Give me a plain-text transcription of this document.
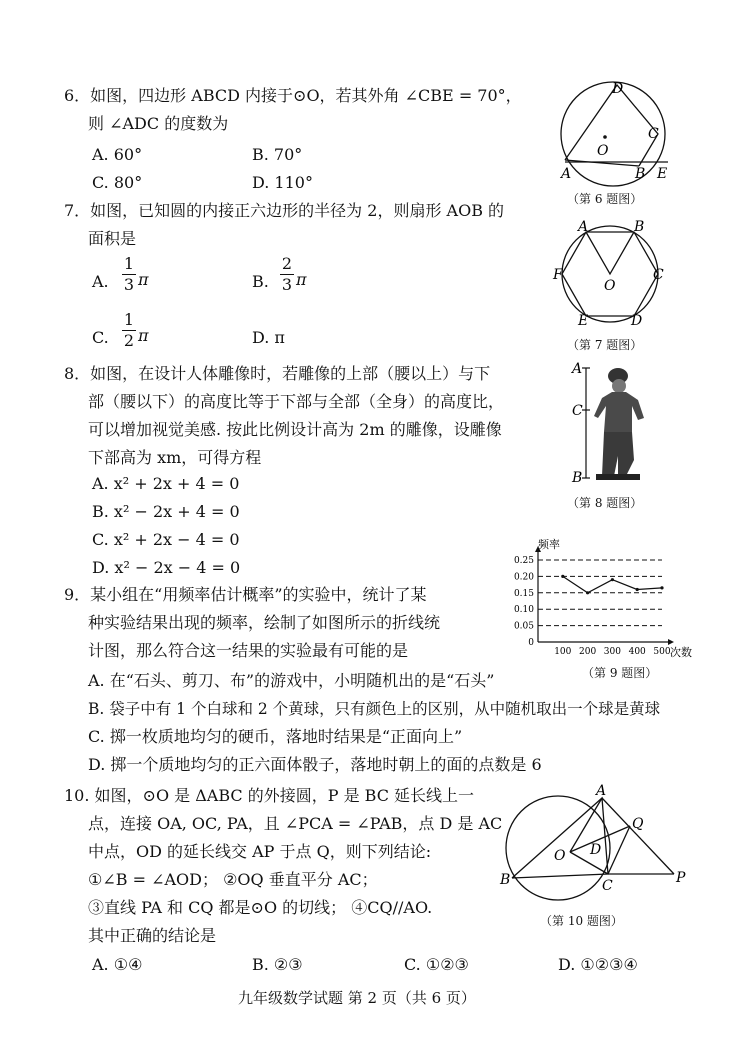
6．如图，四边形 ABCD 内接于⊙O，若其外角 ∠CBE = 70°，
则 ∠ADC 的度数为
A. 60°	B. 70°
C. 80°	D. 110°
D
C
O
A	B E
（第 6 题图）
7．如图，已知圆的内接正六边形的半径为 2，则扇形 AOB 的
面积是
A.
1
3 π	B.
2
3 π
C.
1
2 π	D. π
A	B
C
D
E
F
O
（第 7 题图）
8．如图，在设计人体雕像时，若雕像的上部（腰以上）与下
部（腰以下）的高度比等于下部与全部（全身）的高度比，
可以增加视觉美感. 按此比例设计高为 2m 的雕像，设雕像
下部高为 xm，可得方程
A. x² + 2x + 4 = 0
B. x² − 2x + 4 = 0
C. x² + 2x − 4 = 0
D. x² − 2x − 4 = 0
A
C
B
（第 8 题图）
9．某小组在“用频率估计概率”的实验中，统计了某
种实验结果出现的频率，绘制了如图所示的折线统
计图，那么符合这一结果的实验最有可能的是
A. 在“石头、剪刀、布”的游戏中，小明随机出的是“石头”
B. 袋子中有 1 个白球和 2 个黄球，只有颜色上的区别，从中随机取出一个球是黄球
C. 掷一枚质地均匀的硬币，落地时结果是“正面向上”
D. 掷一个质地均匀的正六面体骰子，落地时朝上的面的点数是 6
0
0.05
0.10
0.15
0.20
0.25
100 200 300 400 500
频率
次数
（第 9 题图）
10. 如图，⊙O 是 ΔABC 的外接圆，P 是 BC 延长线上一
点，连接 OA, OC, PA，且 ∠PCA = ∠PAB，点 D 是 AC
中点，OD 的延长线交 AP 于点 Q，则下列结论:
①∠B = ∠AOD； ②OQ 垂直平分 AC；
③直线 PA 和 CQ 都是⊙O 的切线； ④CQ//AO.
其中正确的结论是
A. ①④	B. ②③	C. ①②③	D. ①②③④
A
Q
O D
B	C	P
（第 10 题图）
九年级数学试题 第 2 页（共 6 页）
